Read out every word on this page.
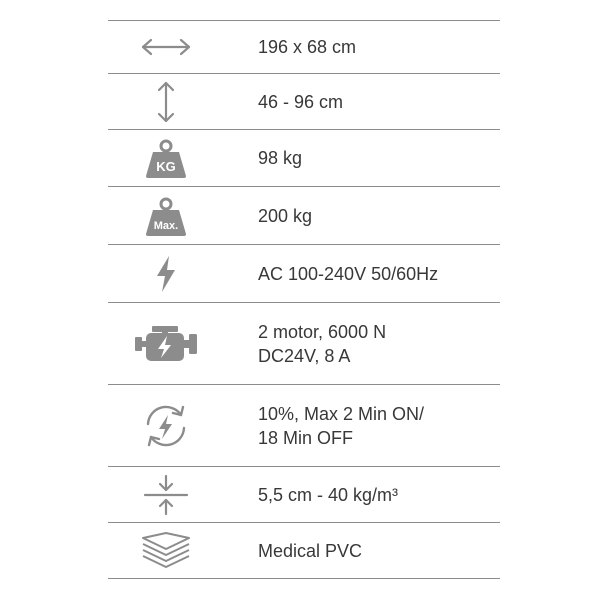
196 x 68 cm
46 - 96 cm
KG	98 kg
Max.	200 kg
AC 100-240V 50/60Hz
2 motor, 6000 N
DC24V, 8 A
10%, Max 2 Min ON/
18 Min OFF
5,5 cm - 40 kg/m³
Medical PVC
